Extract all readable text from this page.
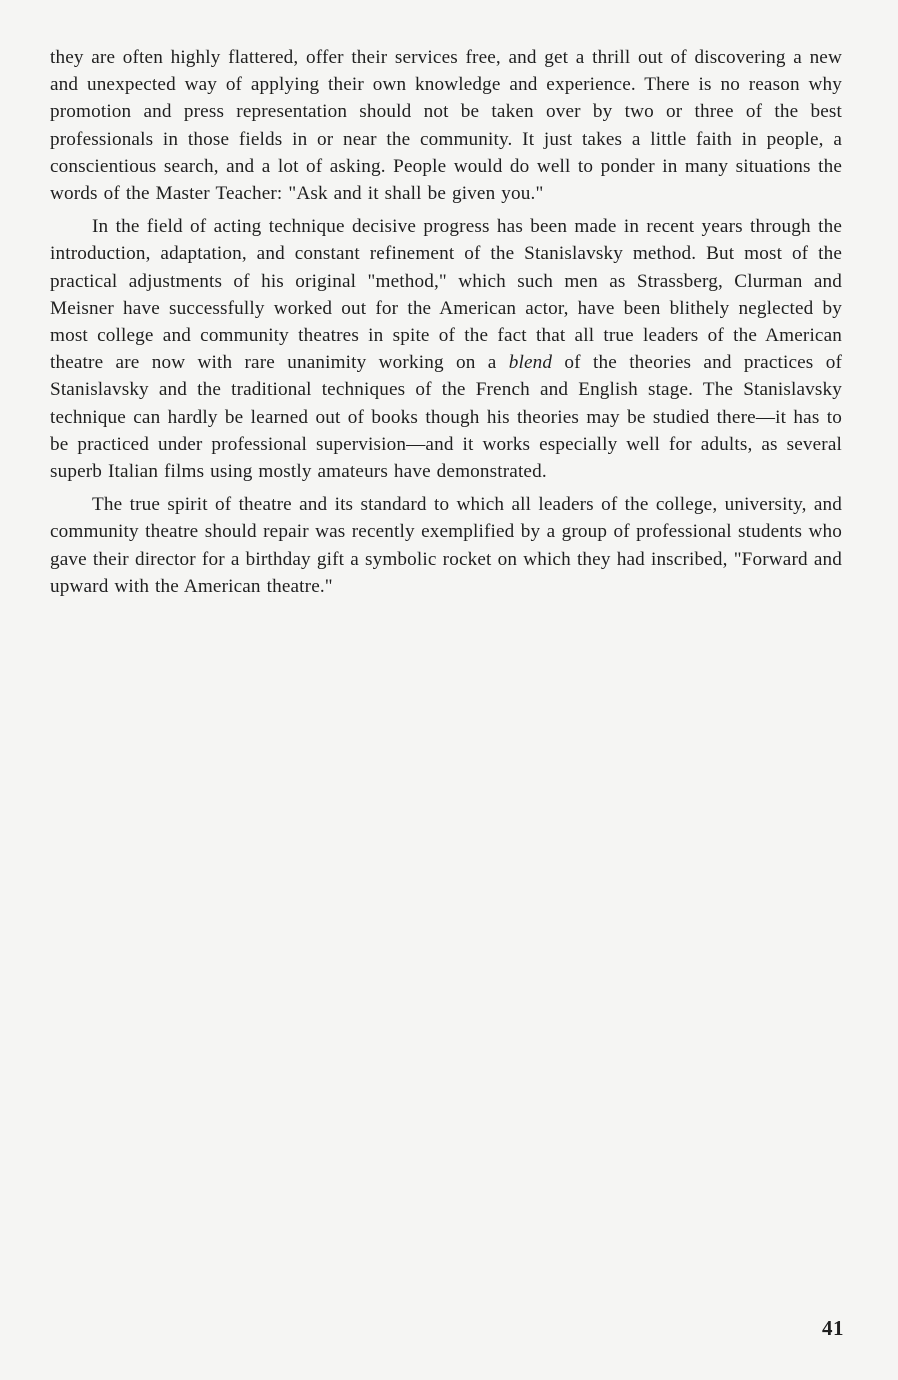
they are often highly flattered, offer their services free, and get a thrill out of discovering a new and unexpected way of applying their own knowledge and experience. There is no reason why promotion and press representation should not be taken over by two or three of the best professionals in those fields in or near the community. It just takes a little faith in people, a conscientious search, and a lot of asking. People would do well to ponder in many situations the words of the Master Teacher: "Ask and it shall be given you."

In the field of acting technique decisive progress has been made in recent years through the introduction, adaptation, and constant refinement of the Stanislavsky method. But most of the practical adjustments of his original "method," which such men as Strassberg, Clurman and Meisner have successfully worked out for the American actor, have been blithely neglected by most college and community theatres in spite of the fact that all true leaders of the American theatre are now with rare unanimity working on a blend of the theories and practices of Stanislavsky and the traditional techniques of the French and English stage. The Stanislavsky technique can hardly be learned out of books though his theories may be studied there—it has to be practiced under professional supervision—and it works especially well for adults, as several superb Italian films using mostly amateurs have demonstrated.

The true spirit of theatre and its standard to which all leaders of the college, university, and community theatre should repair was recently exemplified by a group of professional students who gave their director for a birthday gift a symbolic rocket on which they had inscribed, "Forward and upward with the American theatre."

41
